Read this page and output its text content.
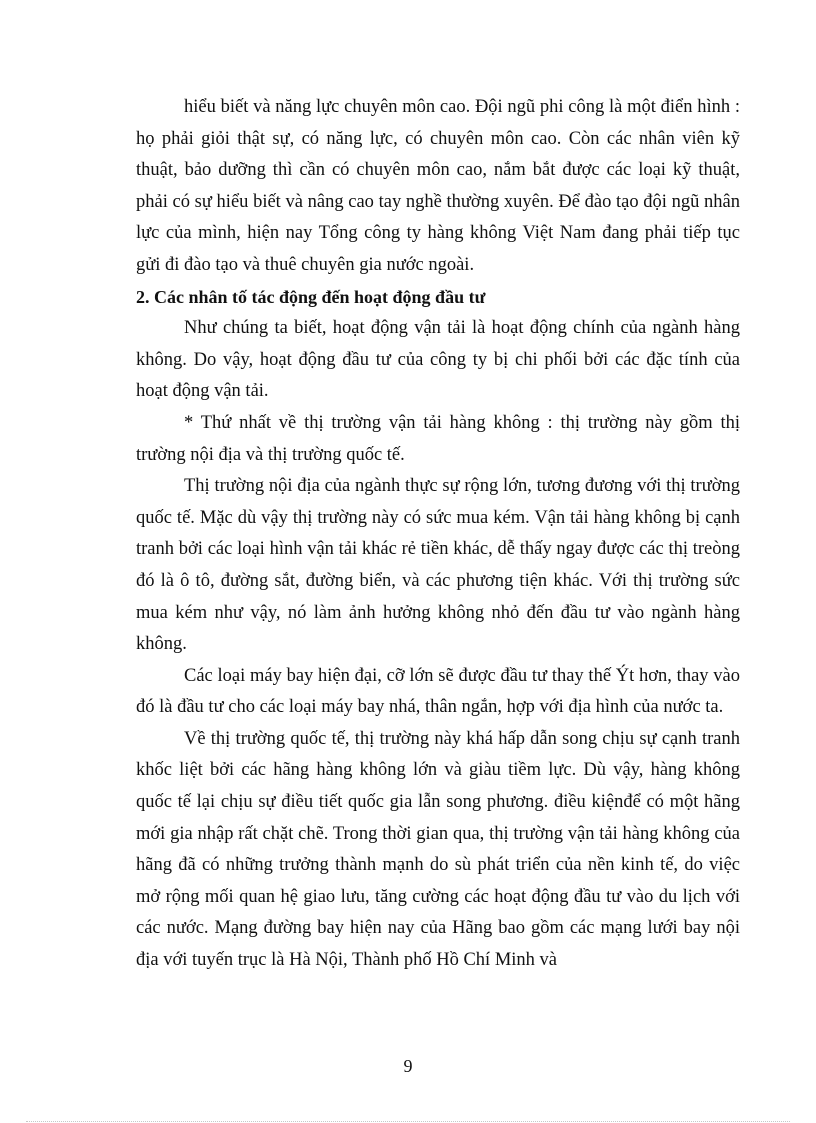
hiểu biết và năng lực chuyên môn cao. Đội ngũ phi công là một điển hình : họ phải giỏi thật sự, có năng lực, có chuyên môn cao. Còn các nhân viên kỹ thuật, bảo dưỡng thì cần có chuyên môn cao, nắm bắt được các loại kỹ thuật, phải có sự hiểu biết và nâng cao tay nghề thường xuyên. Để đào tạo đội ngũ nhân lực của mình, hiện nay Tổng công ty hàng không Việt Nam đang phải tiếp tục gửi đi đào tạo và thuê chuyên gia nước ngoài.

2. Các nhân tố tác động đến hoạt động đầu tư

Như chúng ta biết, hoạt động vận tải là hoạt động chính của ngành hàng không. Do vậy, hoạt động đầu tư của công ty bị chi phối bởi các đặc tính của hoạt động vận tải.

* Thứ nhất về thị trường vận tải hàng không : thị trường này gồm thị trường nội địa và thị trường quốc tế.

Thị trường nội địa của ngành thực sự rộng lớn, tương đương với thị trường quốc tế. Mặc dù vậy thị trường này có sức mua kém. Vận tải hàng không bị cạnh tranh bởi các loại hình vận tải khác rẻ tiền khác, dễ thấy ngay được các thị treòng đó là ô tô, đường sắt, đường biển, và các phương tiện khác. Với thị trường sức mua kém như vậy, nó làm ảnh hưởng không nhỏ đến đầu tư vào ngành hàng không.

Các loại máy bay hiện đại, cỡ lớn sẽ được đầu tư thay thế Ýt hơn, thay vào đó là đầu tư cho các loại máy bay nhá, thân ngắn, hợp với địa hình của nước ta.

Về thị trường quốc tế, thị trường này khá hấp dẫn song chịu sự cạnh tranh khốc liệt bởi các hãng hàng không lớn và giàu tiềm lực. Dù vậy, hàng không quốc tế lại chịu sự điều tiết quốc gia lẫn song phương. điều kiệnđể có một hãng mới gia nhập rất chặt chẽ. Trong thời gian qua, thị trường vận tải hàng không của hãng đã có những trưởng thành mạnh do sù phát triển của nền kinh tế, do việc mở rộng mối quan hệ giao lưu, tăng cường các hoạt động đầu tư vào du lịch với các nước. Mạng đường bay hiện nay của Hãng bao gồm các mạng lưới bay nội địa với tuyến trục là Hà Nội, Thành phố Hồ Chí Minh và

9
